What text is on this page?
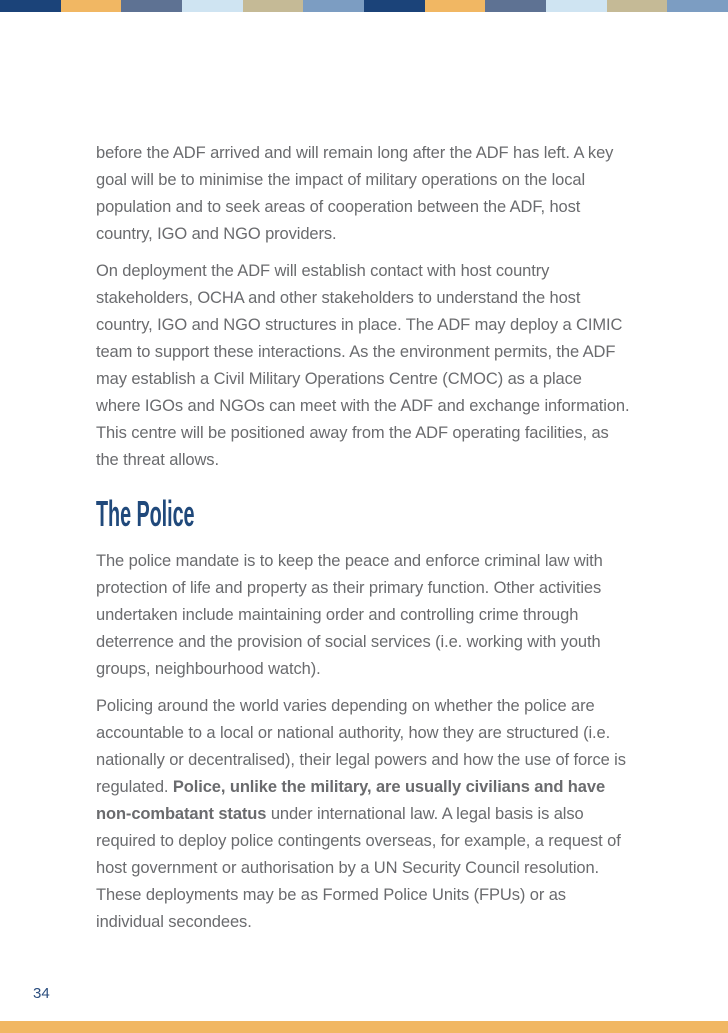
before the ADF arrived and will remain long after the ADF has left. A key goal will be to minimise the impact of military operations on the local population and to seek areas of cooperation between the ADF, host country, IGO and NGO providers.

On deployment the ADF will establish contact with host country stakeholders, OCHA and other stakeholders to understand the host country, IGO and NGO structures in place. The ADF may deploy a CIMIC team to support these interactions. As the environment permits, the ADF may establish a Civil Military Operations Centre (CMOC) as a place where IGOs and NGOs can meet with the ADF and exchange information. This centre will be positioned away from the ADF operating facilities, as the threat allows.

The Police

The police mandate is to keep the peace and enforce criminal law with protection of life and property as their primary function. Other activities undertaken include maintaining order and controlling crime through deterrence and the provision of social services (i.e. working with youth groups, neighbourhood watch).

Policing around the world varies depending on whether the police are accountable to a local or national authority, how they are structured (i.e. nationally or decentralised), their legal powers and how the use of force is regulated. Police, unlike the military, are usually civilians and have non-combatant status under international law. A legal basis is also required to deploy police contingents overseas, for example, a request of host government or authorisation by a UN Security Council resolution. These deployments may be as Formed Police Units (FPUs) or as individual secondees.

34
